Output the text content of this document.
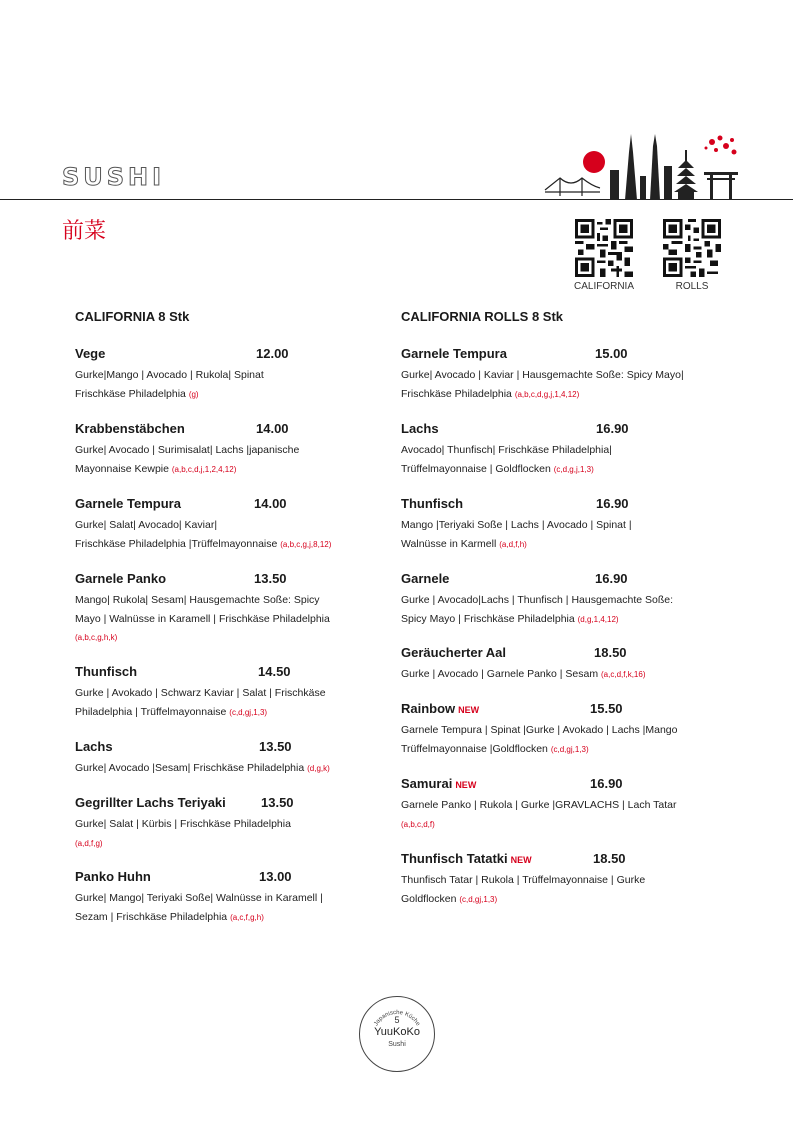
SUSHI
前菜
CALIFORNIA	ROLLS
CALIFORNIA 8 Stk
Vege	12.00
Gurke|Mango | Avocado | Rukola| Spinat
Frischkäse Philadelphia (g)
Krabbenstäbchen	14.00
Gurke| Avocado | Surimisalat| Lachs |japanische
Mayonnaise Kewpie (a,b,c,d,j,1,2,4,12)
Garnele Tempura	14.00
Gurke| Salat| Avocado| Kaviar|
Frischkäse Philadelphia |Trüffelmayonnaise (a,b,c,g,j,8,12)
Garnele Panko	13.50
Mango| Rukola| Sesam| Hausgemachte Soße: Spicy
Mayo | Walnüsse in Karamell | Frischkäse Philadelphia
(a,b,c,g,h,k)
Thunfisch	14.50
Gurke | Avokado | Schwarz Kaviar | Salat | Frischkäse
Philadelphia | Trüffelmayonnaise (c,d,gj,1,3)
Lachs	13.50
Gurke| Avocado |Sesam| Frischkäse Philadelphia (d,g,k)
Gegrillter Lachs Teriyaki	13.50
Gurke| Salat | Kürbis | Frischkäse Philadelphia
(a,d,f,g)
Panko Huhn	13.00
Gurke| Mango| Teriyaki Soße| Walnüsse in Karamell |
Sezam | Frischkäse Philadelphia (a,c,f,g,h)
CALIFORNIA ROLLS 8 Stk
Garnele Tempura	15.00
Gurke| Avocado | Kaviar | Hausgemachte Soße: Spicy Mayo|
Frischkäse Philadelphia (a,b,c,d,g,j,1,4,12)
Lachs	16.90
Avocado| Thunfisch| Frischkäse Philadelphia|
Trüffelmayonnaise | Goldflocken (c,d,g,j,1,3)
Thunfisch	16.90
Mango |Teriyaki Soße | Lachs | Avocado | Spinat |
Walnüsse in Karmell (a,d,f,h)
Garnele	16.90
Gurke | Avocado|Lachs | Thunfisch | Hausgemachte Soße:
Spicy Mayo | Frischkäse Philadelphia (d,g,1,4,12)
Geräucherter Aal	18.50
Gurke | Avocado | Garnele Panko | Sesam (a,c,d,f,k,16)
Rainbow NEW	15.50
Garnele Tempura | Spinat |Gurke | Avokado | Lachs |Mango
Trüffelmayonnaise |Goldflocken (c,d,gj,1,3)
Samurai NEW	16.90
Garnele Panko | Rukola | Gurke |GRAVLACHS | Lach Tatar
(a,b,c,d,f)
Thunfisch Tatatki NEW	18.50
Thunfisch Tatar | Rukola | Trüffelmayonnaise | Gurke
Goldflocken (c,d,gj,1,3)
Japanische Küche
5
YuuKoKo
Sushi
